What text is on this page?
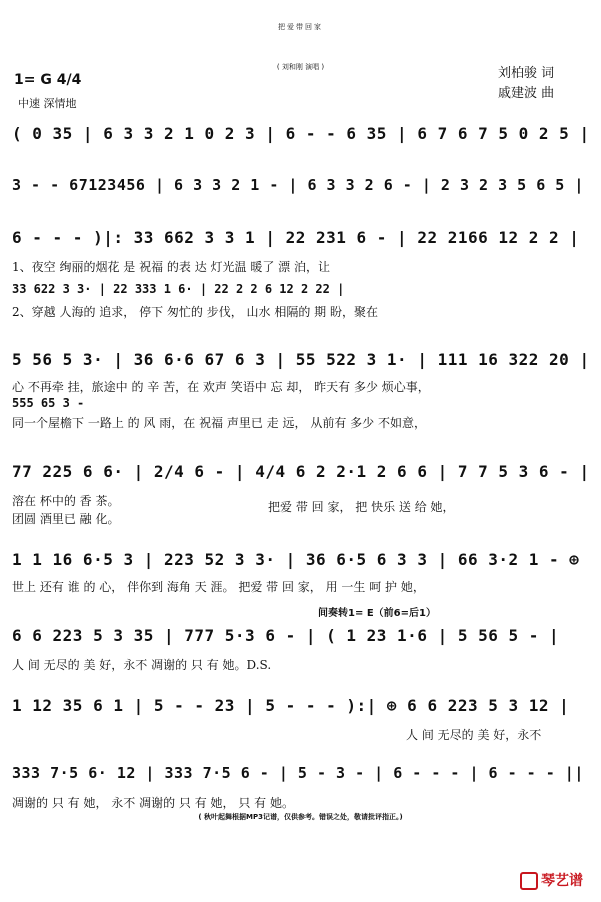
把爱带回家
( 刘和刚 演唱 )
1= G 4/4
中速 深情地
刘柏骏 词
戚建波 曲
( 0 35 | 6 3 3 2 1 0 2 3 | 6 - - 6 35 | 6 7 6 7 5 0 2 5 |
3 - - 67123456 | 6 3 3 2 1 - | 6 3 3 2 6 - | 2 3 2 3 5 6 5 |
6 - - - )|: 33 662 3 3 1 | 22 231 6 - | 22 2166 12 2 2 |
1、夜空 绚丽的烟花 是 祝福 的表 达 灯光温 暖了 漂 泊，让
33 622 3 3· | 22 333 1 6· | 22 2 2 6 12 2 22 |
2、穿越 人海的 追求， 停下 匆忙的 步伐， 山水 相隔的 期 盼，聚在
5 56 5 3· | 36 6·6 67 6 3 | 55 522 3 1· | 111 16 322 20 |
心 不再牵 挂，旅途中 的 辛 苦，在 欢声 笑语中 忘 却， 昨天有 多少 烦心事，
555 65 3 -
同一个屋檐下 一路上 的 风 雨，在 祝福 声里已 走 远， 从前有 多少 不如意，
77 225 6 6· | 2/4 6 - | 4/4 6 2 2·1 2 6 6 | 7 7 5 3 6 - |
溶在 杯中的 香 茶。
团圆 酒里已 融 化。
把爱 带 回 家， 把 快乐 送 给 她，
1 1 16 6·5 3 | 223 52 3 3· | 36 6·5 6 3 3 | 66 3·2 1 - ⊕
世上 还有 谁 的 心， 伴你到 海角 天 涯。 把爱 带 回 家， 用 一生 呵 护 她，
间奏转1= E（前6=后1）
6 6 223 5 3 35 | 777 5·3 6 - | ( 1 23 1·6 | 5 56 5 - |
人 间 无尽的 美 好，永不 凋谢的 只 有 她。D.S.
1 12 35 6 1 | 5 - - 23 | 5 - - - ):| ⊕ 6 6 223 5 3 12 |
人 间 无尽的 美 好，永不
333 7·5 6· 12 | 333 7·5 6 - | 5 - 3 - | 6 - - - | 6 - - - ||
凋谢的 只 有 她， 永不 凋谢的 只 有 她， 只 有 她。
( 秋叶起舞根据MP3记谱，仅供参考。错误之处，敬请批评指正。)
琴艺谱
